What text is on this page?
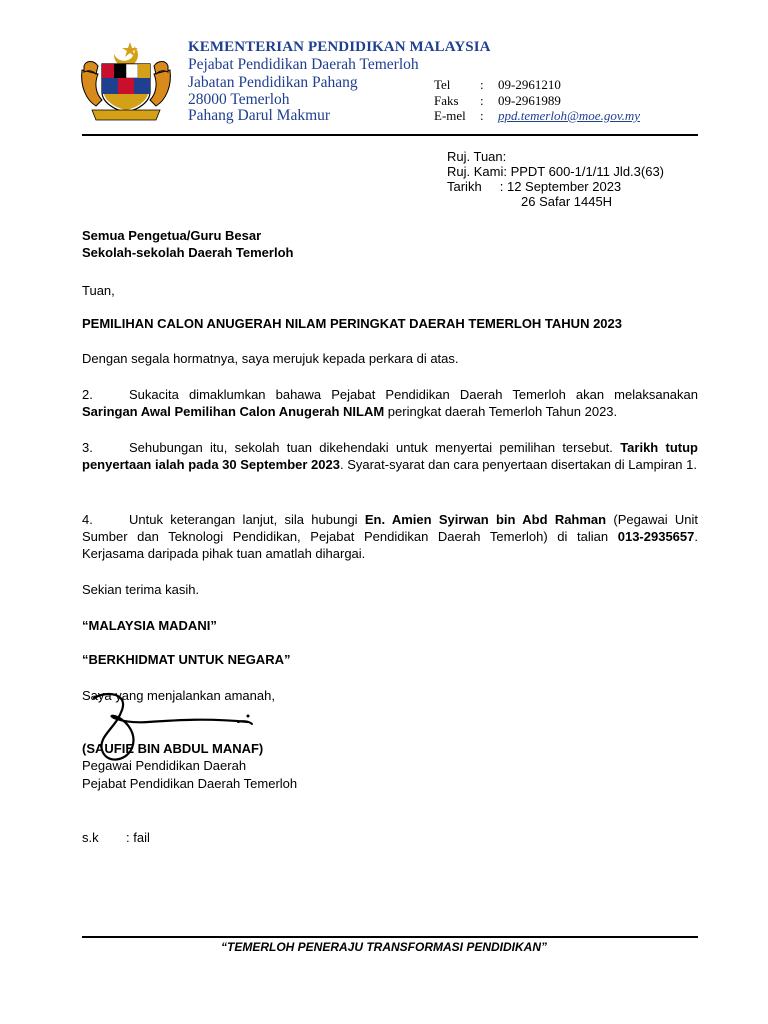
KEMENTERIAN PENDIDIKAN MALAYSIA
Pejabat Pendidikan Daerah Temerloh
Jabatan Pendidikan Pahang
28000 Temerloh
Pahang Darul Makmur
Tel : 09-2961210
Faks : 09-2961989
E-mel : ppd.temerloh@moe.gov.my
Ruj. Tuan:
Ruj. Kami: PPDT 600-1/1/11 Jld.3(63)
Tarikh     : 12 September 2023
26 Safar 1445H
Semua Pengetua/Guru Besar
Sekolah-sekolah Daerah Temerloh
Tuan,
PEMILIHAN CALON ANUGERAH NILAM PERINGKAT DAERAH TEMERLOH TAHUN 2023
Dengan segala hormatnya, saya merujuk kepada perkara di atas.
2.	Sukacita dimaklumkan bahawa Pejabat Pendidikan Daerah Temerloh akan melaksanakan Saringan Awal Pemilihan Calon Anugerah NILAM peringkat daerah Temerloh Tahun 2023.
3.	Sehubungan itu, sekolah tuan dikehendaki untuk menyertai pemilihan tersebut. Tarikh tutup penyertaan ialah pada 30 September 2023. Syarat-syarat dan cara penyertaan disertakan di Lampiran 1.
4.	Untuk keterangan lanjut, sila hubungi En. Amien Syirwan bin Abd Rahman (Pegawai Unit Sumber dan Teknologi Pendidikan, Pejabat Pendidikan Daerah Temerloh) di talian 013-2935657. Kerjasama daripada pihak tuan amatlah dihargai.
Sekian terima kasih.
“MALAYSIA MADANI”
“BERKHIDMAT UNTUK NEGARA”
Saya yang menjalankan amanah,
(SAUFIE BIN ABDUL MANAF)
Pegawai Pendidikan Daerah
Pejabat Pendidikan Daerah Temerloh
s.k : fail
“TEMERLOH PENERAJU TRANSFORMASI PENDIDIKAN”
